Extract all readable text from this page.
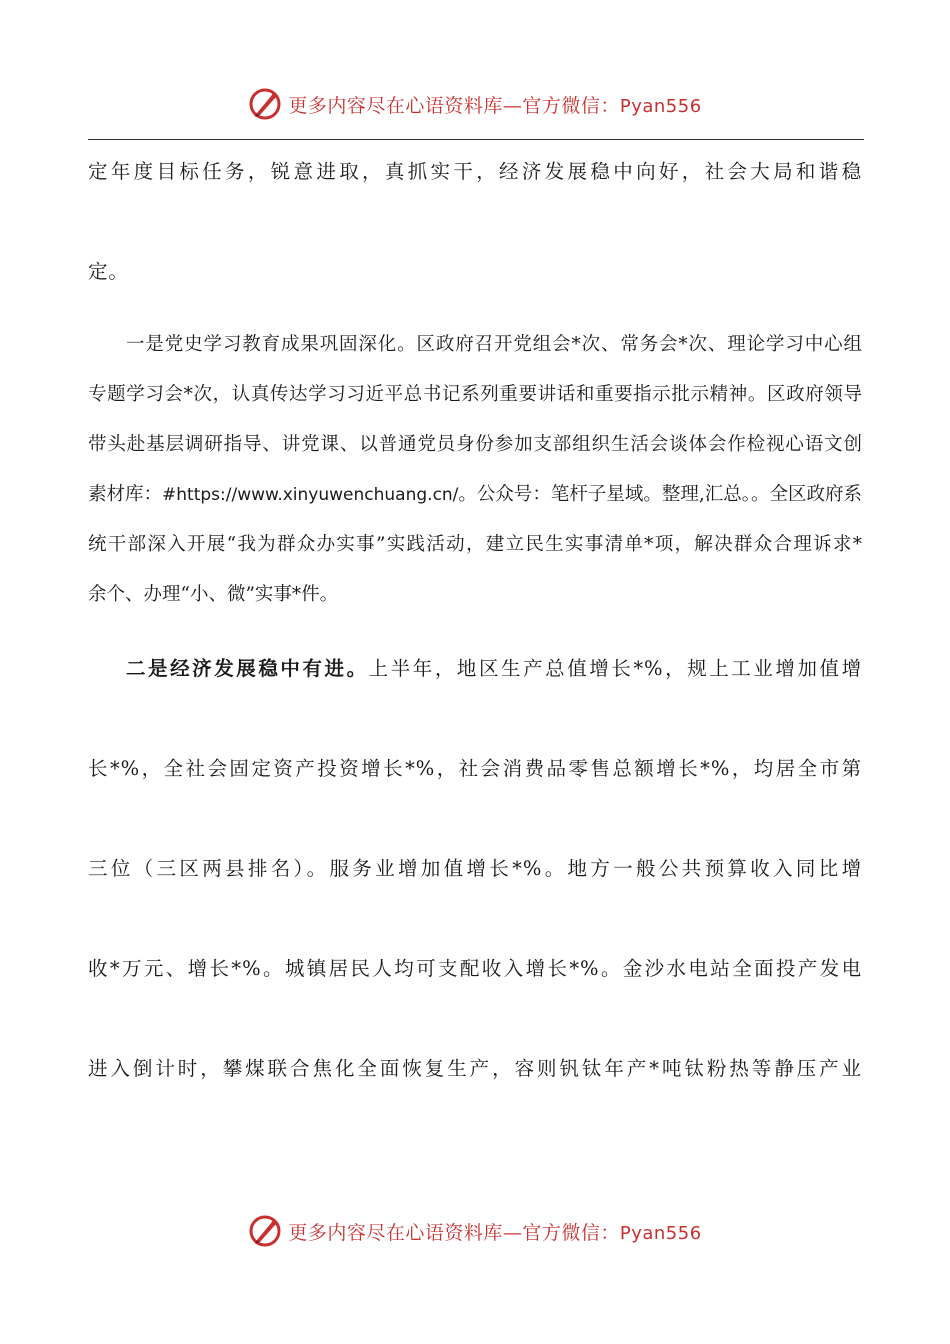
更多内容尽在心语资料库—官方微信：Pyan556
定年度目标任务，锐意进取，真抓实干，经济发展稳中向好，社会大局和谐稳
定。
一是党史学习教育成果巩固深化。区政府召开党组会*次、常务会*次、理论学习中心组
专题学习会*次，认真传达学习习近平总书记系列重要讲话和重要指示批示精神。区政府领导
带头赴基层调研指导、讲党课、以普通党员身份参加支部组织生活会谈体会作检视心语文创
素材库：#https://www.xinyuwenchuang.cn/。公众号：笔杆子星域。整理,汇总。。全区政府系
统干部深入开展“我为群众办实事”实践活动，建立民生实事清单*项，解决群众合理诉求*
余个、办理“小、微”实事*件。
二是经济发展稳中有进。上半年，地区生产总值增长*%，规上工业增加值增
长*%，全社会固定资产投资增长*%，社会消费品零售总额增长*%，均居全市第
三位（三区两县排名）。服务业增加值增长*%。地方一般公共预算收入同比增
收*万元、增长*%。城镇居民人均可支配收入增长*%。金沙水电站全面投产发电
进入倒计时，攀煤联合焦化全面恢复生产，容则钒钛年产*吨钛粉热等静压产业
更多内容尽在心语资料库—官方微信：Pyan556
